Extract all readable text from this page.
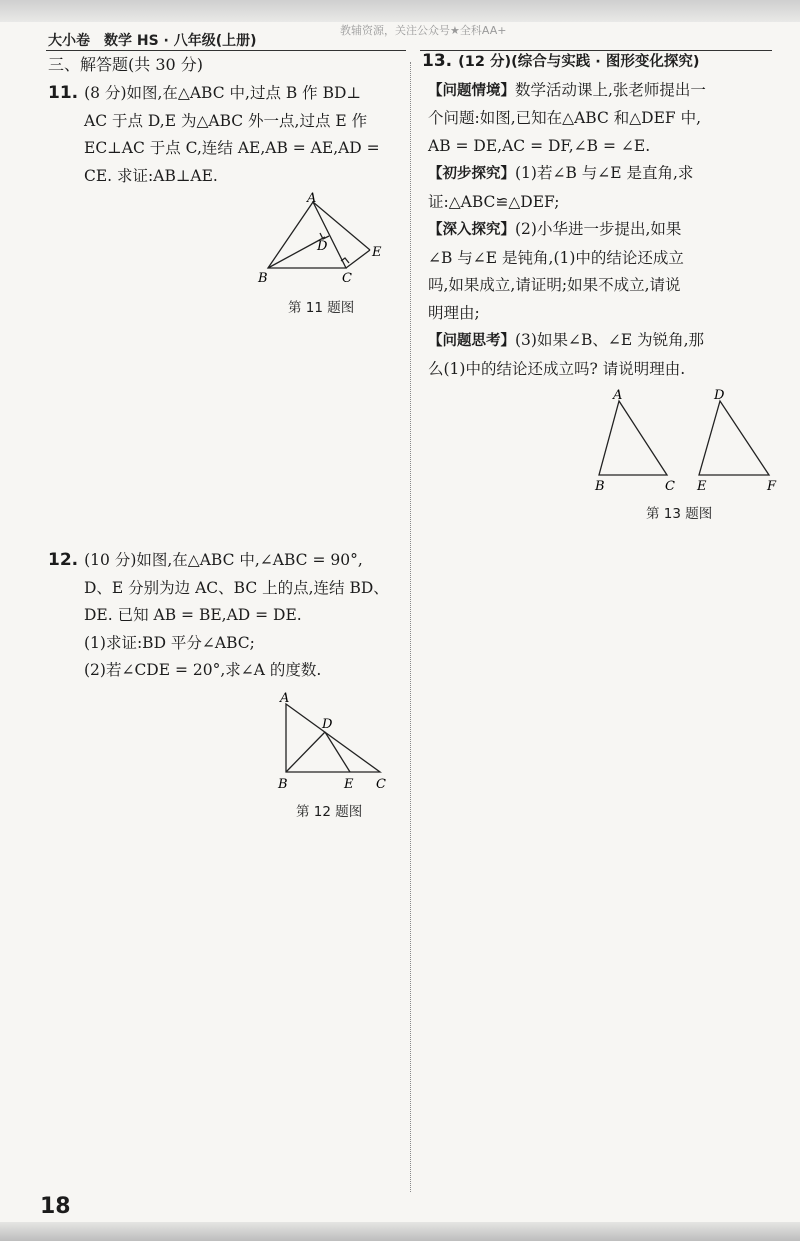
大小卷　数学 HS · 八年级(上册)
教辅资源，关注公众号★全科AA+
三、解答题(共 30 分)
11. (8 分)如图,在△ABC 中,过点 B 作 BD⊥
AC 于点 D,E 为△ABC 外一点,过点 E 作
EC⊥AC 于点 C,连结 AE,AB = AE,AD =
CE. 求证:AB⊥AE.
A
B	C
D	E
第 11 题图
12. (10 分)如图,在△ABC 中,∠ABC = 90°,
D、E 分别为边 AC、BC 上的点,连结 BD、
DE. 已知 AB = BE,AD = DE.
(1)求证:BD 平分∠ABC;
(2)若∠CDE = 20°,求∠A 的度数.
A
B	C
D
E
第 12 题图
13. (12 分)(综合与实践 · 图形变化探究)
【问题情境】数学活动课上,张老师提出一
个问题:如图,已知在△ABC 和△DEF 中,
AB = DE,AC = DF,∠B = ∠E.
【初步探究】(1)若∠B 与∠E 是直角,求
证:△ABC≌△DEF;
【深入探究】(2)小华进一步提出,如果
∠B 与∠E 是钝角,(1)中的结论还成立
吗,如果成立,请证明;如果不成立,请说
明理由;
【问题思考】(3)如果∠B、∠E 为锐角,那
么(1)中的结论还成立吗? 请说明理由.
A
B	C
D
E	F
第 13 题图
18
